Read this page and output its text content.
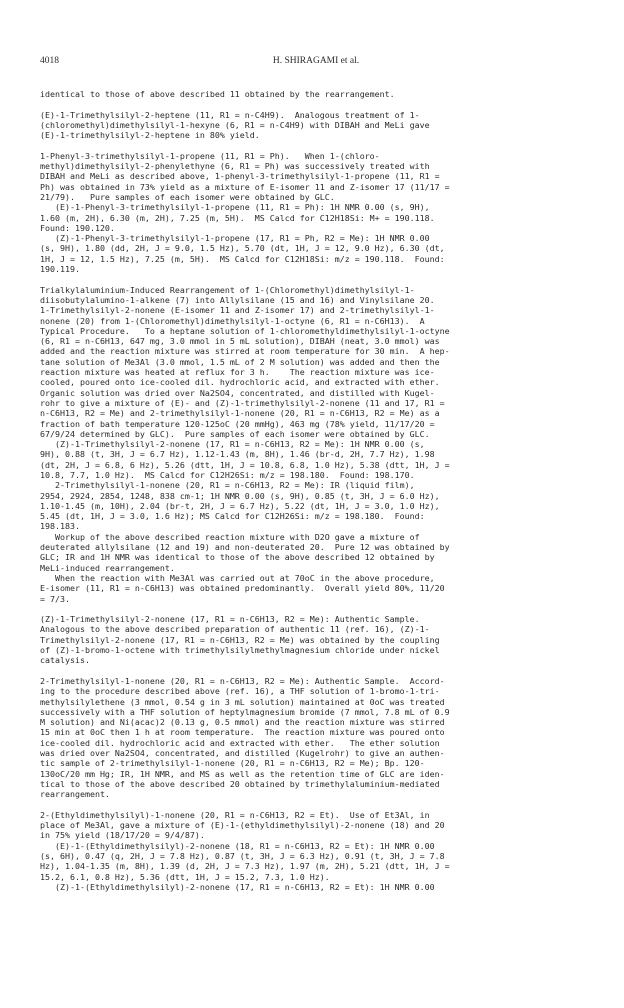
4018	H. SHIRAGAMI et al.
identical to those of above described 11 obtained by the rearrangement.
(E)-1-Trimethylsilyl-2-heptene (11, R1 = n-C4H9).  Analogous treatment of 1-
(chloromethyl)dimethylsilyl-1-hexyne (6, R1 = n-C4H9) with DIBAH and MeLi gave
(E)-1-trimethylsilyl-2-heptene in 80% yield.
1-Phenyl-3-trimethylsilyl-1-propene (11, R1 = Ph).   When 1-(chloro-
methyl)dimethylsilyl-2-phenylethyne (6, R1 = Ph) was successively treated with
DIBAH and MeLi as described above, 1-phenyl-3-trimethylsilyl-1-propene (11, R1 =
Ph) was obtained in 73% yield as a mixture of E-isomer 11 and Z-isomer 17 (11/17 =
21/79).   Pure samples of each isomer were obtained by GLC.
(E)-1-Phenyl-3-trimethylsilyl-1-propene (11, R1 = Ph): 1H NMR 0.00 (s, 9H),
1.60 (m, 2H), 6.30 (m, 2H), 7.25 (m, 5H).  MS Calcd for C12H18Si: M+ = 190.118.
Found: 190.120.
(Z)-1-Phenyl-3-trimethylsilyl-1-propene (17, R1 = Ph, R2 = Me): 1H NMR 0.00
(s, 9H), 1.80 (dd, 2H, J = 9.0, 1.5 Hz), 5.70 (dt, 1H, J = 12, 9.0 Hz), 6.30 (dt,
1H, J = 12, 1.5 Hz), 7.25 (m, 5H).  MS Calcd for C12H18Si: m/z = 190.118.  Found:
190.119.
Trialkylaluminium-Induced Rearrangement of 1-(Chloromethyl)dimethylsilyl-1-
diisobutylalumino-1-alkene (7) into Allylsilane (15 and 16) and Vinylsilane 20.
1-Trimethylsilyl-2-nonene (E-isomer 11 and Z-isomer 17) and 2-trimethylsilyl-1-
nonene (20) from 1-(Chloromethyl)dimethylsilyl-1-octyne (6, R1 = n-C6H13).  A
Typical Procedure.   To a heptane solution of 1-chloromethyldimethylsilyl-1-octyne
(6, R1 = n-C6H13, 647 mg, 3.0 mmol in 5 mL solution), DIBAH (neat, 3.0 mmol) was
added and the reaction mixture was stirred at room temperature for 30 min.  A hep-
tane solution of Me3Al (3.0 mmol, 1.5 mL of 2 M solution) was added and then the
reaction mixture was heated at reflux for 3 h.    The reaction mixture was ice-
cooled, poured onto ice-cooled dil. hydrochloric acid, and extracted with ether.
Organic solution was dried over Na2SO4, concentrated, and distilled with Kugel-
rohr to give a mixture of (E)- and (Z)-1-trimethylsilyl-2-nonene (11 and 17, R1 =
n-C6H13, R2 = Me) and 2-trimethylsilyl-1-nonene (20, R1 = n-C6H13, R2 = Me) as a
fraction of bath temperature 120-125oC (20 mmHg), 463 mg (78% yield, 11/17/20 =
67/9/24 determined by GLC).  Pure samples of each isomer were obtained by GLC.
(Z)-1-Trimethylsilyl-2-nonene (17, R1 = n-C6H13, R2 = Me): 1H NMR 0.00 (s,
9H), 0.88 (t, 3H, J = 6.7 Hz), 1.12-1.43 (m, 8H), 1.46 (br-d, 2H, 7.7 Hz), 1.98
(dt, 2H, J = 6.8, 6 Hz), 5.26 (dtt, 1H, J = 10.8, 6.8, 1.0 Hz), 5.38 (dtt, 1H, J =
10.8, 7.7, 1.0 Hz).  MS Calcd for C12H26Si: m/z = 198.180.  Found: 198.170.
2-Trimethylsilyl-1-nonene (20, R1 = n-C6H13, R2 = Me): IR (liquid film),
2954, 2924, 2854, 1248, 838 cm-1; 1H NMR 0.00 (s, 9H), 0.85 (t, 3H, J = 6.0 Hz),
1.10-1.45 (m, 10H), 2.04 (br-t, 2H, J = 6.7 Hz), 5.22 (dt, 1H, J = 3.0, 1.0 Hz),
5.45 (dt, 1H, J = 3.0, 1.6 Hz); MS Calcd for C12H26Si: m/z = 198.180.  Found:
198.183.
Workup of the above described reaction mixture with D2O gave a mixture of
deuterated allylsilane (12 and 19) and non-deuterated 20.  Pure 12 was obtained by
GLC; IR and 1H NMR was identical to those of the above described 12 obtained by
MeLi-induced rearrangement.
When the reaction with Me3Al was carried out at 70oC in the above procedure,
E-isomer (11, R1 = n-C6H13) was obtained predominantly.  Overall yield 80%, 11/20
= 7/3.
(Z)-1-Trimethylsilyl-2-nonene (17, R1 = n-C6H13, R2 = Me): Authentic Sample.
Analogous to the above described preparation of authentic 11 (ref. 16), (Z)-1-
Trimethylsilyl-2-nonene (17, R1 = n-C6H13, R2 = Me) was obtained by the coupling
of (Z)-1-bromo-1-octene with trimethylsilylmethylmagnesium chloride under nickel
catalysis.
2-Trimethylsilyl-1-nonene (20, R1 = n-C6H13, R2 = Me): Authentic Sample.  Accord-
ing to the procedure described above (ref. 16), a THF solution of 1-bromo-1-tri-
methylsilylethene (3 mmol, 0.54 g in 3 mL solution) maintained at 0oC was treated
successively with a THF solution of heptylmagnesium bromide (7 mmol, 7.8 mL of 0.9
M solution) and Ni(acac)2 (0.13 g, 0.5 mmol) and the reaction mixture was stirred
15 min at 0oC then 1 h at room temperature.  The reaction mixture was poured onto
ice-cooled dil. hydrochloric acid and extracted with ether.   The ether solution
was dried over Na2SO4, concentrated, and distilled (Kugelrohr) to give an authen-
tic sample of 2-trimethylsilyl-1-nonene (20, R1 = n-C6H13, R2 = Me); Bp. 120-
130oC/20 mm Hg; IR, 1H NMR, and MS as well as the retention time of GLC are iden-
tical to those of the above described 20 obtained by trimethylaluminium-mediated
rearrangement.
2-(Ethyldimethylsilyl)-1-nonene (20, R1 = n-C6H13, R2 = Et).  Use of Et3Al, in
place of Me3Al, gave a mixture of (E)-1-(ethyldimethylsilyl)-2-nonene (18) and 20
in 75% yield (18/17/20 = 9/4/87).
(E)-1-(Ethyldimethylsilyl)-2-nonene (18, R1 = n-C6H13, R2 = Et): 1H NMR 0.00
(s, 6H), 0.47 (q, 2H, J = 7.8 Hz), 0.87 (t, 3H, J = 6.3 Hz), 0.91 (t, 3H, J = 7.8
Hz), 1.04-1.35 (m, 8H), 1.39 (d, 2H, J = 7.3 Hz), 1.97 (m, 2H), 5.21 (dtt, 1H, J =
15.2, 6.1, 0.8 Hz), 5.36 (dtt, 1H, J = 15.2, 7.3, 1.0 Hz).
(Z)-1-(Ethyldimethylsilyl)-2-nonene (17, R1 = n-C6H13, R2 = Et): 1H NMR 0.00
